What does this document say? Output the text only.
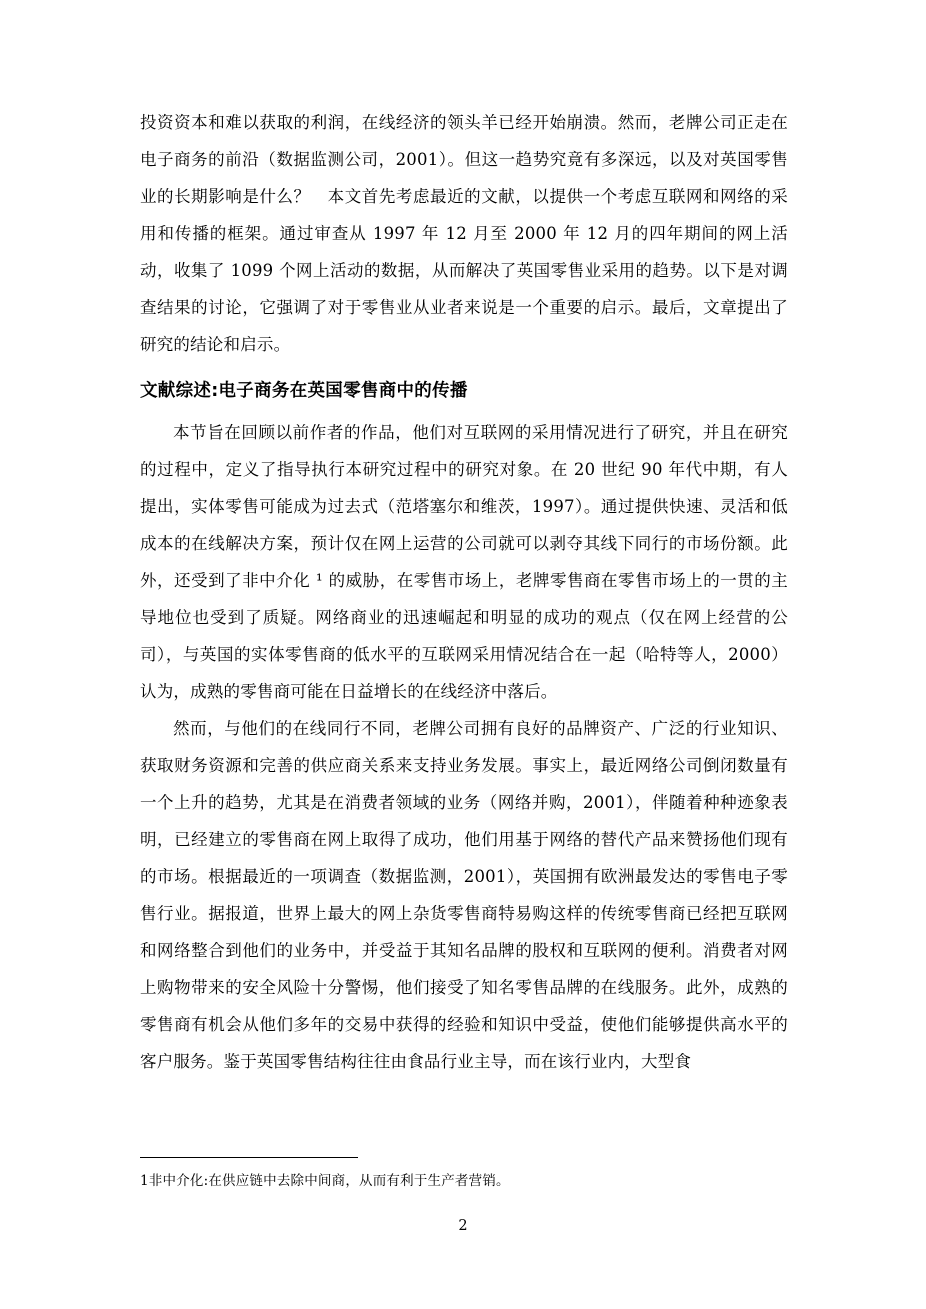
投资资本和难以获取的利润，在线经济的领头羊已经开始崩溃。然而，老牌公司正走在电子商务的前沿（数据监测公司，2001）。但这一趋势究竟有多深远，以及对英国零售业的长期影响是什么？　本文首先考虑最近的文献，以提供一个考虑互联网和网络的采用和传播的框架。通过审查从 1997 年 12 月至 2000 年 12 月的四年期间的网上活动，收集了 1099 个网上活动的数据，从而解决了英国零售业采用的趋势。以下是对调查结果的讨论，它强调了对于零售业从业者来说是一个重要的启示。最后，文章提出了研究的结论和启示。

文献综述:电子商务在英国零售商中的传播

本节旨在回顾以前作者的作品，他们对互联网的采用情况进行了研究，并且在研究的过程中，定义了指导执行本研究过程中的研究对象。在 20 世纪 90 年代中期，有人提出，实体零售可能成为过去式（范塔塞尔和维茨，1997）。通过提供快速、灵活和低成本的在线解决方案，预计仅在网上运营的公司就可以剥夺其线下同行的市场份额。此外，还受到了非中介化 ¹ 的威胁，在零售市场上，老牌零售商在零售市场上的一贯的主导地位也受到了质疑。网络商业的迅速崛起和明显的成功的观点（仅在网上经营的公司），与英国的实体零售商的低水平的互联网采用情况结合在一起（哈特等人，2000）认为，成熟的零售商可能在日益增长的在线经济中落后。

然而，与他们的在线同行不同，老牌公司拥有良好的品牌资产、广泛的行业知识、获取财务资源和完善的供应商关系来支持业务发展。事实上，最近网络公司倒闭数量有一个上升的趋势，尤其是在消费者领域的业务（网络并购，2001），伴随着种种迹象表明，已经建立的零售商在网上取得了成功，他们用基于网络的替代产品来赞扬他们现有的市场。根据最近的一项调查（数据监测，2001），英国拥有欧洲最发达的零售电子零售行业。据报道，世界上最大的网上杂货零售商特易购这样的传统零售商已经把互联网和网络整合到他们的业务中，并受益于其知名品牌的股权和互联网的便利。消费者对网上购物带来的安全风险十分警惕，他们接受了知名零售品牌的在线服务。此外，成熟的零售商有机会从他们多年的交易中获得的经验和知识中受益，使他们能够提供高水平的客户服务。鉴于英国零售结构往往由食品行业主导，而在该行业内，大型食

1非中介化:在供应链中去除中间商，从而有利于生产者营销。
2
